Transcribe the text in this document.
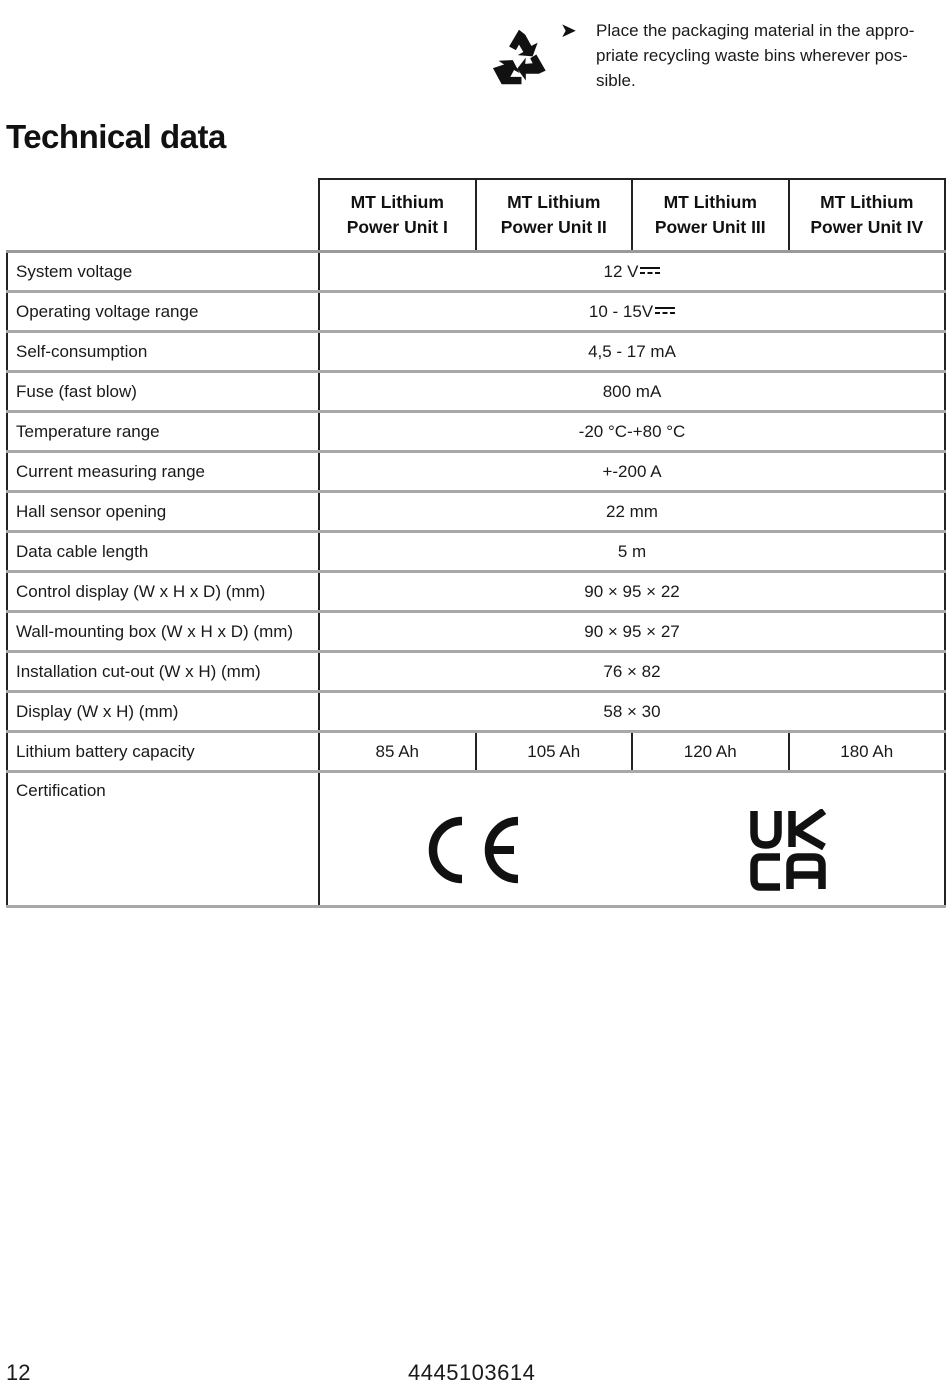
➤ Place the packaging material in the appro-
priate recycling waste bins wherever pos-
sible.
Technical data
	MT Lithium
Power Unit I	MT Lithium
Power Unit II	MT Lithium
Power Unit III	MT Lithium
Power Unit IV
System voltage	12 V			
Operating voltage range	10 - 15V			
Self-consumption	4,5 - 17 mA			
Fuse (fast blow)	800 mA			
Temperature range	-20 °C-+80 °C			
Current measuring range	+-200 A			
Hall sensor opening	22 mm			
Data cable length	5 m			
Control display (W x H x D) (mm)	90 × 95 × 22			
Wall-mounting box (W x H x D) (mm)	90 × 95 × 27			
Installation cut-out (W x H) (mm)	76 × 82			
Display (W x H) (mm)	58 × 30			
Lithium battery capacity	85 Ah	105 Ah	120 Ah	180 Ah
Certification	
12	4445103614
